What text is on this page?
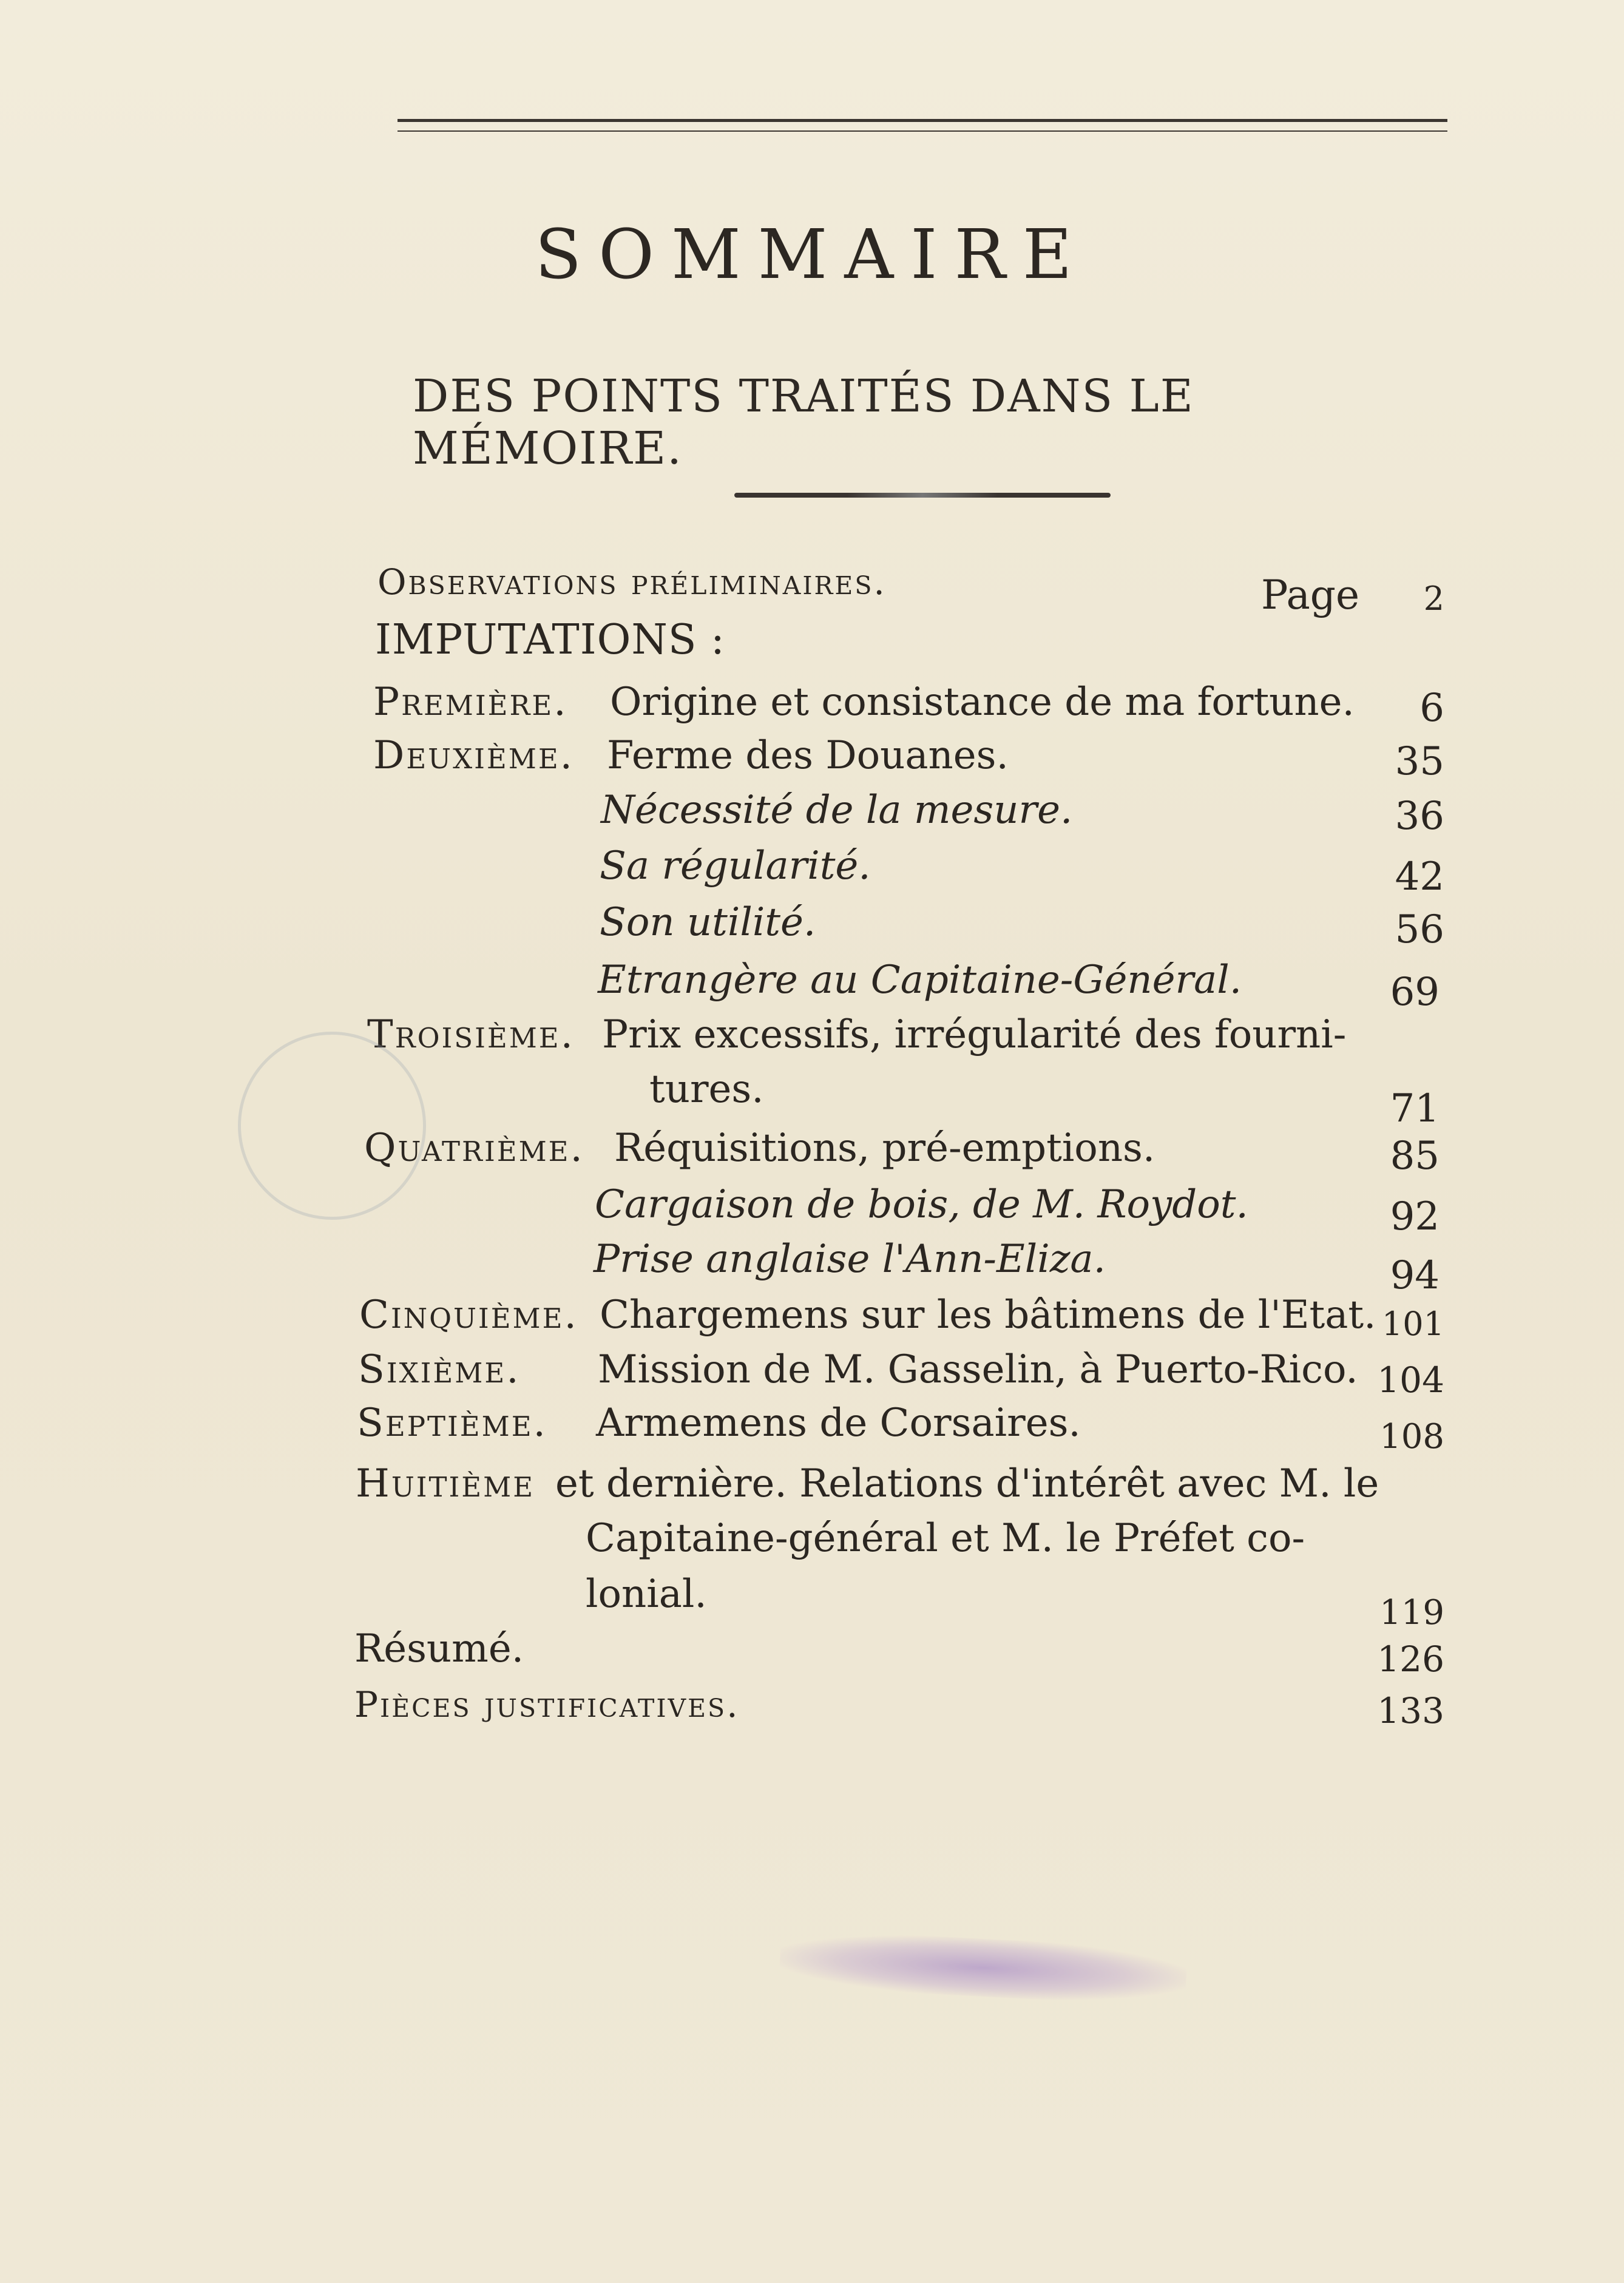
SOMMAIRE
DES POINTS TRAITÉS DANS LE MÉMOIRE.
Observations préliminaires.	Page	2
IMPUTATIONS :
Première. Origine et consistance de ma fortune.	6
Deuxième. Ferme des Douanes.	35
Nécessité de la mesure.	36
Sa régularité.	42
Son utilité.	56
Etrangère au Capitaine-Général.	69
Troisième. Prix excessifs, irrégularité des fourni-
tures.	71
Quatrième. Réquisitions, pré-emptions.	85
Cargaison de bois, de M. Roydot.	92
Prise anglaise l'Ann-Eliza.	94
Cinquième. Chargemens sur les bâtimens de l'Etat. 101
Sixième. Mission de M. Gasselin, à Puerto-Rico. 104
Septième. Armemens de Corsaires.	108
Huitième et dernière. Relations d'intérêt avec M. le
Capitaine-général et M. le Préfet co-
lonial.	119
Résumé.	126
Pièces justificatives.	133
